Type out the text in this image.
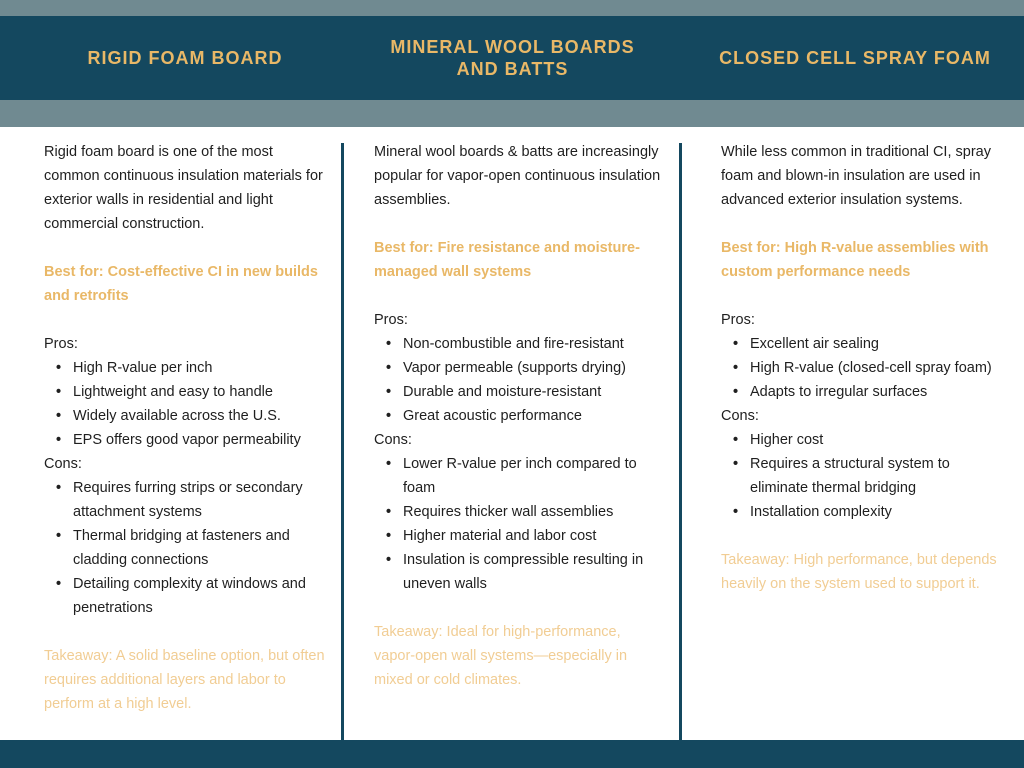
RIGID FOAM BOARD
MINERAL WOOL BOARDS
AND BATTS
CLOSED CELL SPRAY FOAM

Rigid foam board is one of the most common continuous insulation materials for exterior walls in residential and light commercial construction.

Best for: Cost-effective CI in new builds and retrofits

Pros:

• High R-value per inch
• Lightweight and easy to handle
• Widely available across the U.S.
• EPS offers good vapor permeability

Cons:

• Requires furring strips or secondary attachment systems
• Thermal bridging at fasteners and cladding connections
• Detailing complexity at windows and penetrations

Takeaway: A solid baseline option, but often requires additional layers and labor to perform at a high level.

Mineral wool boards & batts are increasingly popular for vapor-open continuous insulation assemblies.

Best for: Fire resistance and moisture-managed wall systems

Pros:

• Non-combustible and fire-resistant
• Vapor permeable (supports drying)
• Durable and moisture-resistant
• Great acoustic performance

Cons:

• Lower R-value per inch compared to foam
• Requires thicker wall assemblies
• Higher material and labor cost
• Insulation is compressible resulting in uneven walls

Takeaway: Ideal for high-performance, vapor-open wall systems—especially in mixed or cold climates.

While less common in traditional CI, spray foam and blown-in insulation are used in advanced exterior insulation systems.

Best for: High R-value assemblies with custom performance needs

Pros:

• Excellent air sealing
• High R-value (closed-cell spray foam)
• Adapts to irregular surfaces

Cons:

• Higher cost
• Requires a structural system to eliminate thermal bridging
• Installation complexity

Takeaway: High performance, but depends heavily on the system used to support it.
